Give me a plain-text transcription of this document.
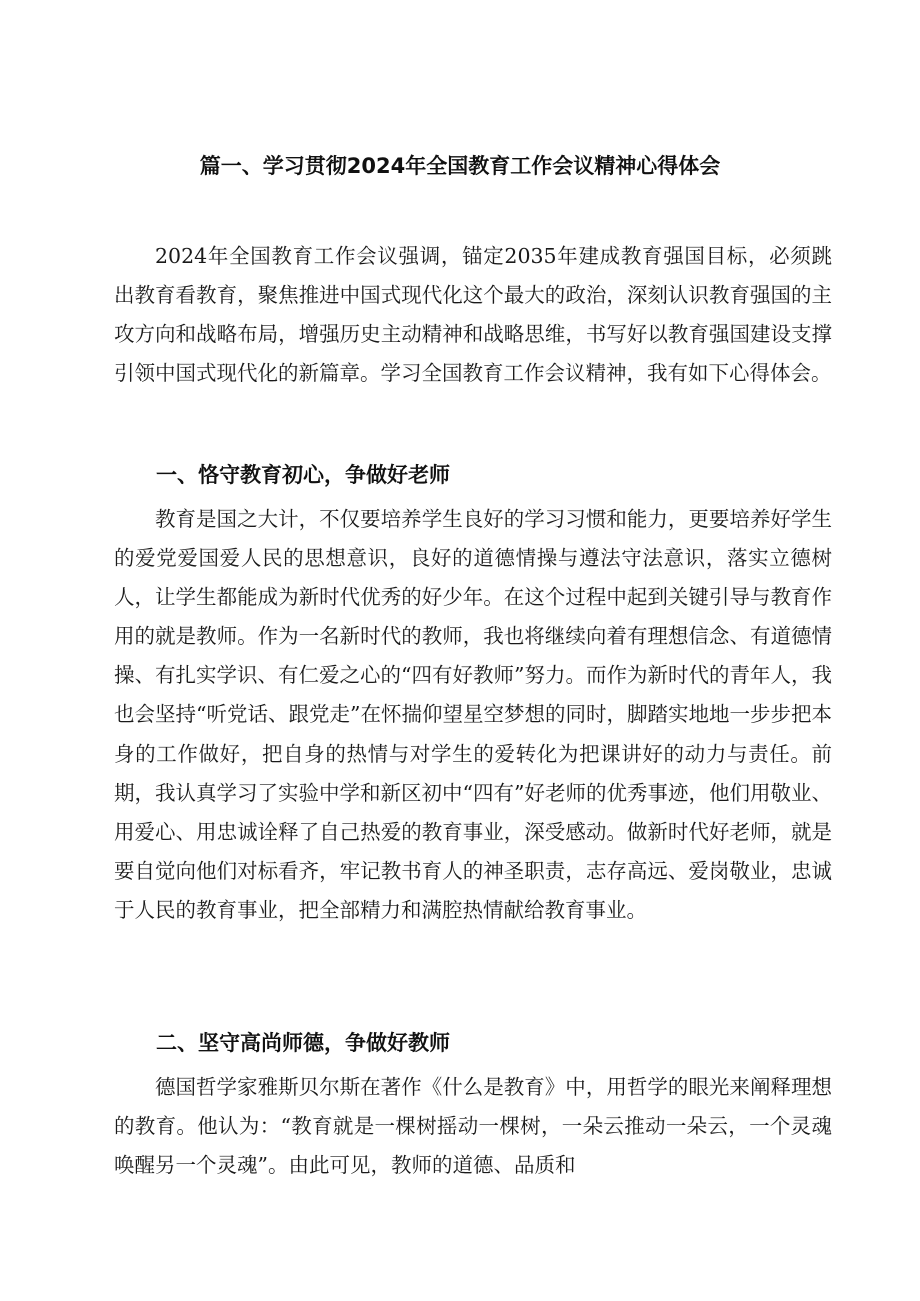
篇一、学习贯彻2024年全国教育工作会议精神心得体会

2024年全国教育工作会议强调，锚定2035年建成教育强国目标，必须跳出教育看教育，聚焦推进中国式现代化这个最大的政治，深刻认识教育强国的主攻方向和战略布局，增强历史主动精神和战略思维，书写好以教育强国建设支撑引领中国式现代化的新篇章。学习全国教育工作会议精神，我有如下心得体会。

一、恪守教育初心，争做好老师

教育是国之大计，不仅要培养学生良好的学习习惯和能力，更要培养好学生的爱党爱国爱人民的思想意识，良好的道德情操与遵法守法意识，落实立德树人，让学生都能成为新时代优秀的好少年。在这个过程中起到关键引导与教育作用的就是教师。作为一名新时代的教师，我也将继续向着有理想信念、有道德情操、有扎实学识、有仁爱之心的“四有好教师”努力。而作为新时代的青年人，我也会坚持“听党话、跟党走”在怀揣仰望星空梦想的同时，脚踏实地地一步步把本身的工作做好，把自身的热情与对学生的爱转化为把课讲好的动力与责任。前期，我认真学习了实验中学和新区初中“四有”好老师的优秀事迹，他们用敬业、用爱心、用忠诚诠释了自己热爱的教育事业，深受感动。做新时代好老师，就是要自觉向他们对标看齐，牢记教书育人的神圣职责，志存高远、爱岗敬业，忠诚于人民的教育事业，把全部精力和满腔热情献给教育事业。

二、坚守高尚师德，争做好教师

德国哲学家雅斯贝尔斯在著作《什么是教育》中，用哲学的眼光来阐释理想的教育。他认为：“教育就是一棵树摇动一棵树，一朵云推动一朵云，一个灵魂唤醒另一个灵魂”。由此可见，教师的道德、品质和
